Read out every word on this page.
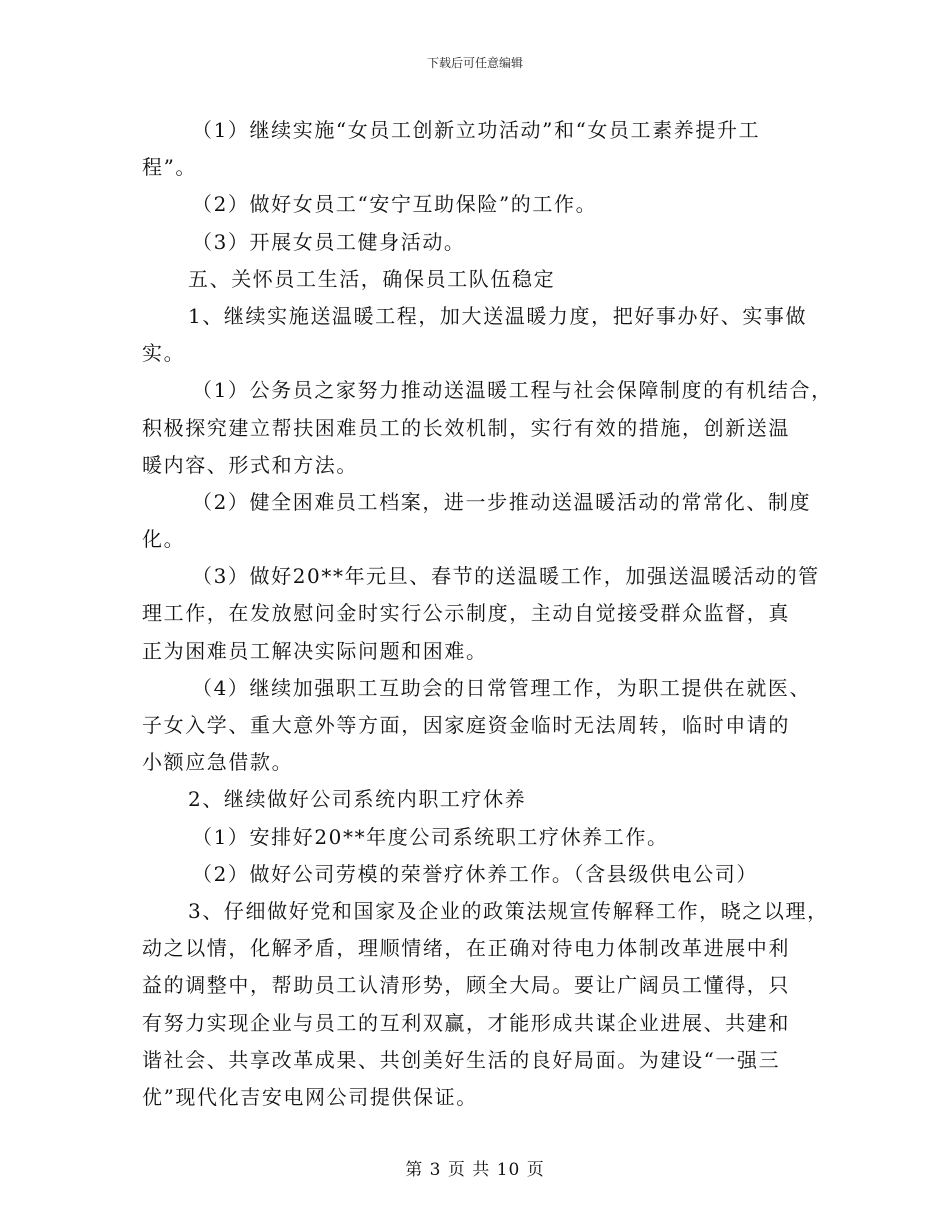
下载后可任意编辑
（1）继续实施“女员工创新立功活动”和“女员工素养提升工
程”。
（2）做好女员工“安宁互助保险”的工作。
（3）开展女员工健身活动。
五、关怀员工生活，确保员工队伍稳定
1、继续实施送温暖工程，加大送温暖力度，把好事办好、实事做
实。
（1）公务员之家努力推动送温暖工程与社会保障制度的有机结合，
积极探究建立帮扶困难员工的长效机制，实行有效的措施，创新送温
暖内容、形式和方法。
（2）健全困难员工档案，进一步推动送温暖活动的常常化、制度
化。
（3）做好20**年元旦、春节的送温暖工作，加强送温暖活动的管
理工作，在发放慰问金时实行公示制度，主动自觉接受群众监督，真
正为困难员工解决实际问题和困难。
（4）继续加强职工互助会的日常管理工作，为职工提供在就医、
子女入学、重大意外等方面，因家庭资金临时无法周转，临时申请的
小额应急借款。
2、继续做好公司系统内职工疗休养
（1）安排好20**年度公司系统职工疗休养工作。
（2）做好公司劳模的荣誉疗休养工作。（含县级供电公司）
3、仔细做好党和国家及企业的政策法规宣传解释工作，晓之以理，
动之以情，化解矛盾，理顺情绪，在正确对待电力体制改革进展中利
益的调整中，帮助员工认清形势，顾全大局。要让广阔员工懂得，只
有努力实现企业与员工的互利双赢，才能形成共谋企业进展、共建和
谐社会、共享改革成果、共创美好生活的良好局面。为建设“一强三
优”现代化吉安电网公司提供保证。
第 3 页 共 10 页
